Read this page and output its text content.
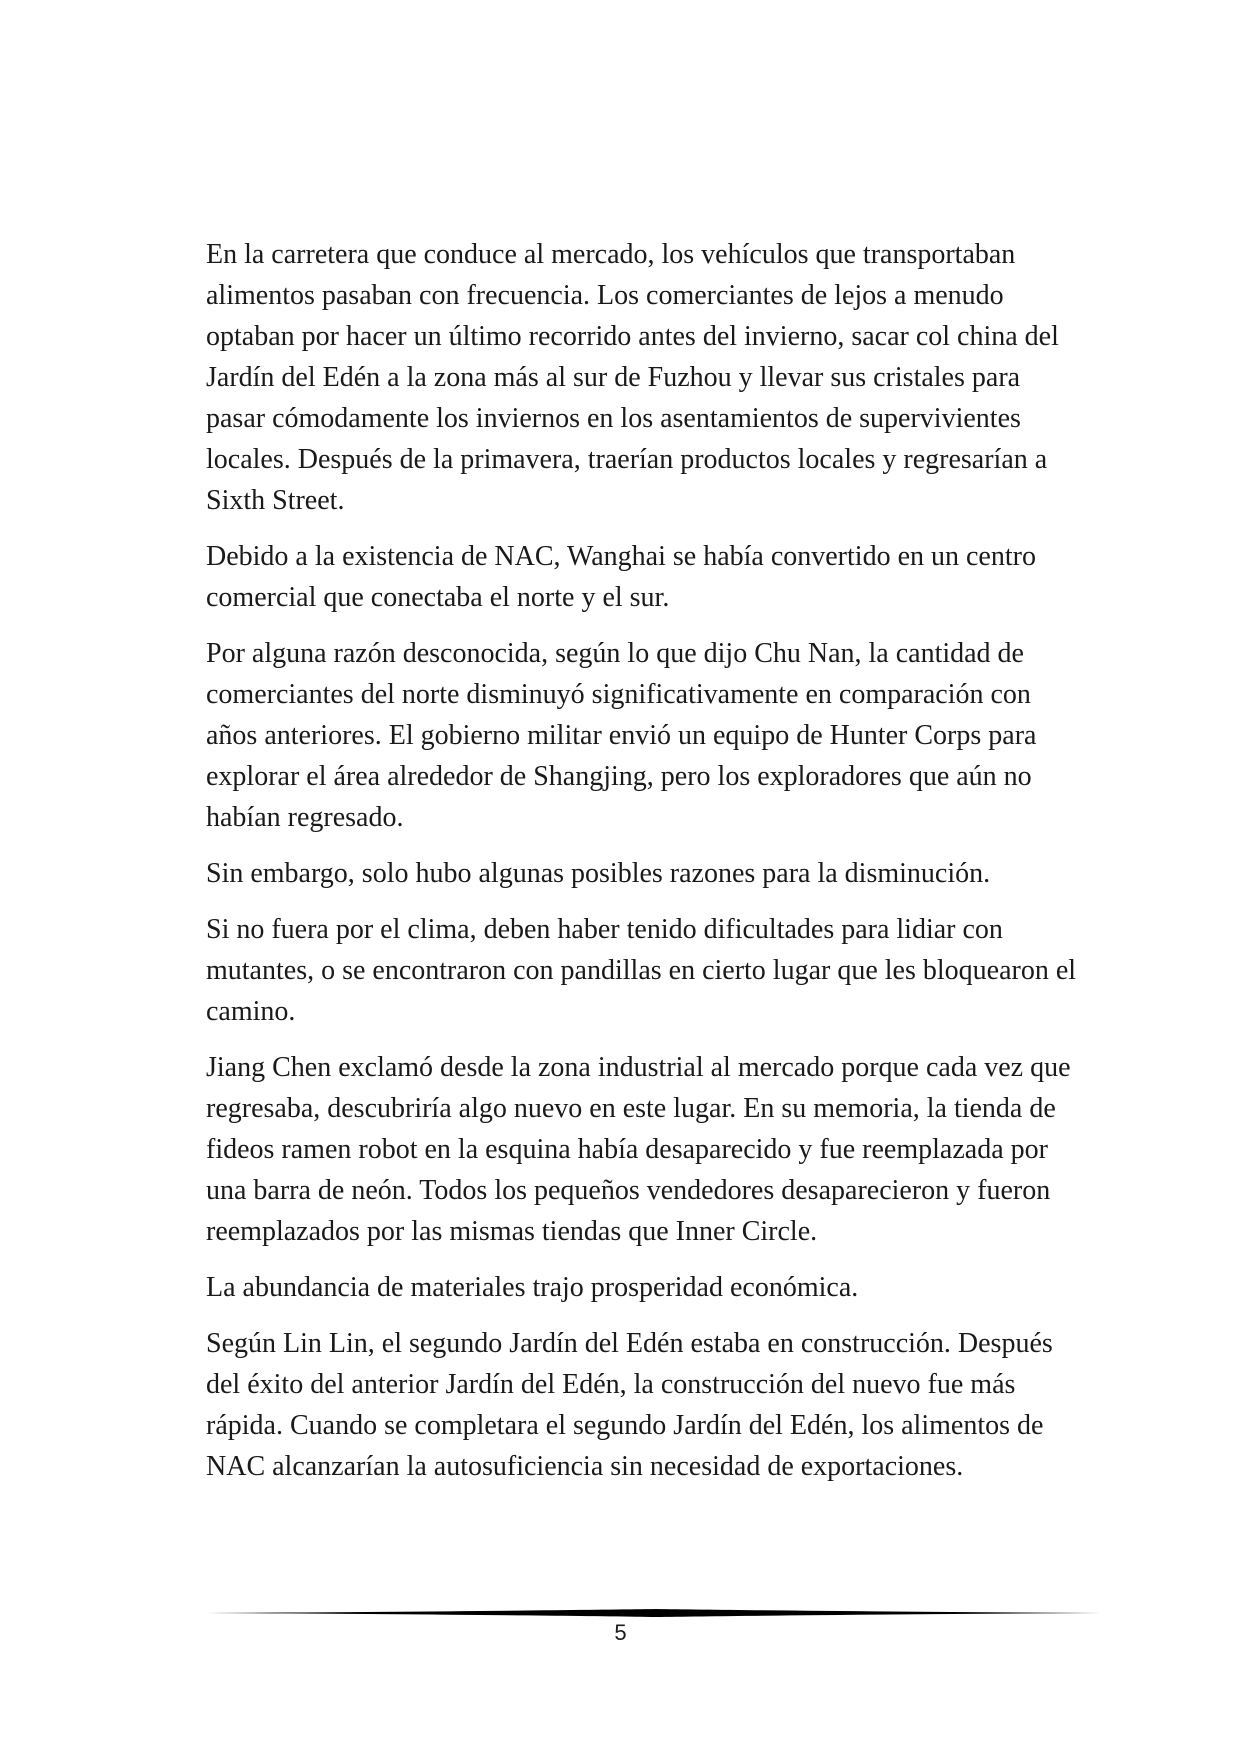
En la carretera que conduce al mercado, los vehículos que transportaban alimentos pasaban con frecuencia. Los comerciantes de lejos a menudo optaban por hacer un último recorrido antes del invierno, sacar col china del Jardín del Edén a la zona más al sur de Fuzhou y llevar sus cristales para pasar cómodamente los inviernos en los asentamientos de supervivientes locales. Después de la primavera, traerían productos locales y regresarían a Sixth Street.

Debido a la existencia de NAC, Wanghai se había convertido en un centro comercial que conectaba el norte y el sur.

Por alguna razón desconocida, según lo que dijo Chu Nan, la cantidad de comerciantes del norte disminuyó significativamente en comparación con años anteriores. El gobierno militar envió un equipo de Hunter Corps para explorar el área alrededor de Shangjing, pero los exploradores que aún no habían regresado.

Sin embargo, solo hubo algunas posibles razones para la disminución.

Si no fuera por el clima, deben haber tenido dificultades para lidiar con mutantes, o se encontraron con pandillas en cierto lugar que les bloquearon el camino.

Jiang Chen exclamó desde la zona industrial al mercado porque cada vez que regresaba, descubriría algo nuevo en este lugar. En su memoria, la tienda de fideos ramen robot en la esquina había desaparecido y fue reemplazada por una barra de neón. Todos los pequeños vendedores desaparecieron y fueron reemplazados por las mismas tiendas que Inner Circle.

La abundancia de materiales trajo prosperidad económica.

Según Lin Lin, el segundo Jardín del Edén estaba en construcción. Después del éxito del anterior Jardín del Edén, la construcción del nuevo fue más rápida. Cuando se completara el segundo Jardín del Edén, los alimentos de NAC alcanzarían la autosuficiencia sin necesidad de exportaciones.

5
